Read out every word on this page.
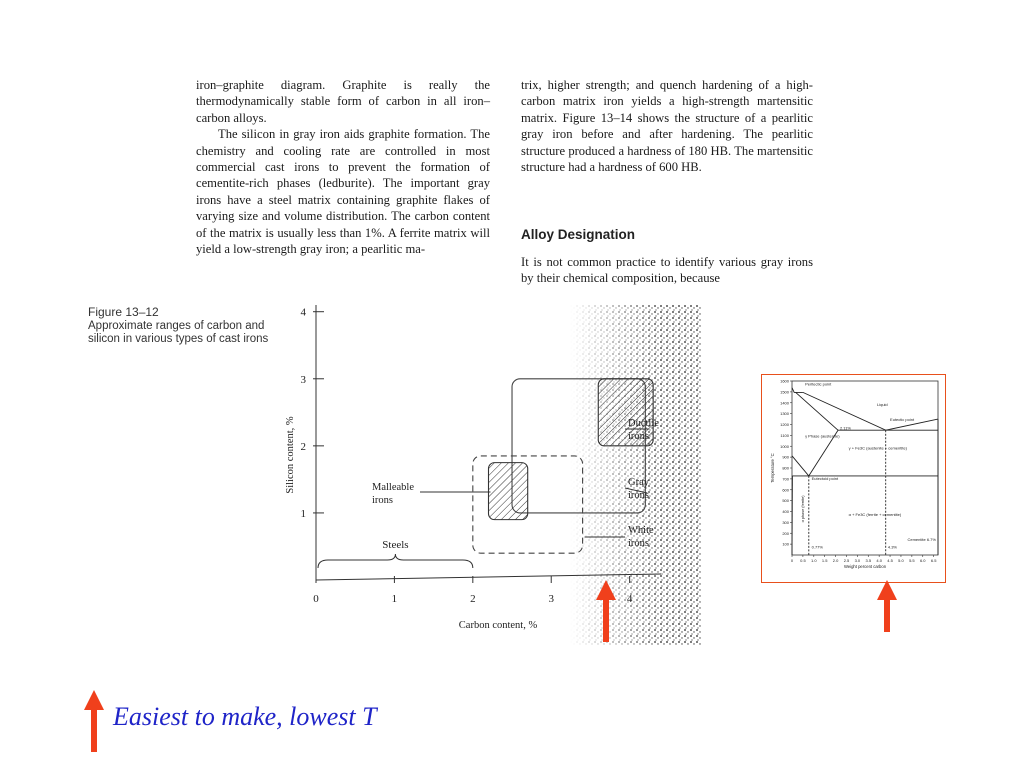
iron–graphite diagram. Graphite is really the thermodynamically stable form of carbon in all iron–carbon alloys.

The silicon in gray iron aids graphite formation. The chemistry and cooling rate are controlled in most commercial cast irons to prevent the formation of cementite-rich phases (ledburite). The important gray irons have a steel matrix containing graphite flakes of varying size and volume distribution. The carbon content of the matrix is usually less than 1%. A ferrite matrix will yield a low-strength gray iron; a pearlitic ma-

trix, higher strength; and quench hardening of a high-carbon matrix iron yields a high-strength martensitic matrix. Figure 13–14 shows the structure of a pearlitic gray iron before and after hardening. The pearlitic structure produced a hardness of 180 HB. The martensitic structure had a hardness of 600 HB.

Alloy Designation
It is not common practice to identify various gray irons by their chemical composition, because
Figure 13–12
Approximate ranges of carbon and silicon in various types of cast irons
0	1	2	3	4
1
2
3
4
Carbon content, %
Silicon content, %
Steels
Malleable irons
Ductile irons
Gray irons
White irons	100
200
300
400
500
600
700
800
900
1000
1100
1200
1300
1400
1500
1600
0 0.5 1.0 1.5 2.0 2.5 3.0 3.5 4.0 4.5 5.0 5.5 6.0 6.5
Weight percent carbon
Temperature °C
Peritectic point
Liquid
Eutectic point
γ Phase (austenite)
γ + Fe3C (austenite + cementite)
Eutectoid point
α + Fe3C (ferrite + cementite)
Cementite 6.7%
α phase (ferrite)
4.3%
0.77%
2.11%
Easiest to make, lowest T
